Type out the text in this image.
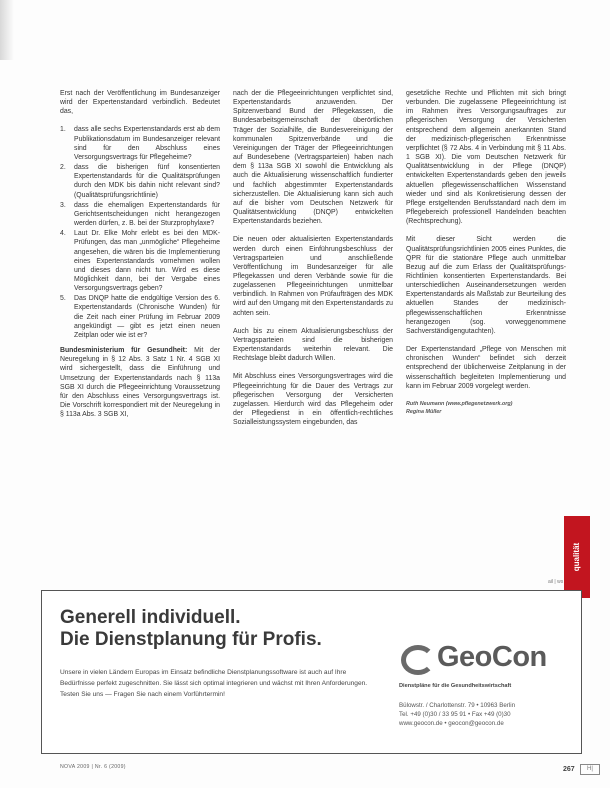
Erst nach der Veröffentlichung im Bundesanzeiger wird der Expertenstandard verbindlich. Bedeutet das,

1. dass alle sechs Expertenstandards erst ab dem Publikationsdatum im Bundesanzeiger relevant sind für den Abschluss eines Versorgungsvertrags für Pflegeheime?
2. dass die bisherigen fünf konsentierten Expertenstandards für die Qualitätsprüfungen durch den MDK bis dahin nicht relevant sind? (Qualitätsprüfungsrichtlinie)
3. dass die ehemaligen Expertenstandards für Gerichtsentscheidungen nicht herangezogen werden dürfen, z. B. bei der Sturzprophylaxe?
4. Laut Dr. Elke Mohr erlebt es bei den MDK-Prüfungen, das man „unmögliche“ Pflegeheime angesehen, die wären bis die Implementierung eines Expertenstandards vornehmen wollen und dieses dann nicht tun. Wird es diese Möglichkeit dann, bei der Vergabe eines Versorgungsvertrags geben?
5. Das DNQP hatte die endgültige Version des 6. Expertenstandards (Chronische Wunden) für die Zeit nach einer Prüfung im Februar 2009 angekündigt — gibt es jetzt einen neuen Zeitplan oder wie ist er?

Bundesministerium für Gesundheit: Mit der Neuregelung in § 12 Abs. 3 Satz 1 Nr. 4 SGB XI wird sichergestellt, dass die Einführung und Umsetzung der Expertenstandards nach § 113a SGB XI durch die Pflegeeinrichtung Voraussetzung für den Abschluss eines Versorgungsvertrags ist. Die Vorschrift korrespondiert mit der Neuregelung in § 113a Abs. 3 SGB XI,

nach der die Pflegeeinrichtungen verpflichtet sind, Expertenstandards anzuwenden. Der Spitzenverband Bund der Pflegekassen, die Bundesarbeitsgemeinschaft der überörtlichen Träger der Sozialhilfe, die Bundesvereinigung der kommunalen Spitzenverbände und die Vereinigungen der Träger der Pflegeeinrichtungen auf Bundesebene (Vertragsparteien) haben nach dem § 113a SGB XI sowohl die Entwicklung als auch die Aktualisierung wissenschaftlich fundierter und fachlich abgestimmter Expertenstandards sicherzustellen. Die Aktualisierung kann sich auch auf die bisher vom Deutschen Netzwerk für Qualitätsentwicklung (DNQP) entwickelten Expertenstandards beziehen.

Die neuen oder aktualisierten Expertenstandards werden durch einen Einführungsbeschluss der Vertragsparteien und anschließende Veröffentlichung im Bundesanzeiger für alle Pflegekassen und deren Verbände sowie für die zugelassenen Pflegeeinrichtungen unmittelbar verbindlich. In Rahmen von Prüfaufträgen des MDK wird auf den Umgang mit den Expertenstandards zu achten sein.

Auch bis zu einem Aktualisierungsbeschluss der Vertragsparteien sind die bisherigen Expertenstandards weiterhin relevant. Die Rechtslage bleibt dadurch Willen.

Mit Abschluss eines Versorgungsvertrages wird die Pflegeeinrichtung für die Dauer des Vertrags zur pflegerischen Versorgung der Versicherten zugelassen. Hierdurch wird das Pflegeheim oder der Pflegedienst in ein öffentlich-rechtliches Sozialleistungssystem eingebunden, das

gesetzliche Rechte und Pflichten mit sich bringt verbunden. Die zugelassene Pflegeeinrichtung ist im Rahmen ihres Versorgungsauftrages zur pflegerischen Versorgung der Versicherten entsprechend dem allgemein anerkannten Stand der medizinisch-pflegerischen Erkenntnisse verpflichtet (§ 72 Abs. 4 in Verbindung mit § 11 Abs. 1 SGB XI). Die vom Deutschen Netzwerk für Qualitätsentwicklung in der Pflege (DNQP) entwickelten Expertenstandards geben den jeweils aktuellen pflegewissenschaftlichen Wissenstand wieder und sind als Konkretisierung dessen der Pflege erstgeltenden Berufsstandard nach dem im Pflegebereich professionell Handelnden beachten (Rechtsprechung).

Mit dieser Sicht werden die Qualitätsprüfungsrichtlinien 2005 eines Punktes, die QPR für die stationäre Pflege auch unmittelbar Bezug auf die zum Erlass der Qualitätsprüfungs-Richtlinien konsentierten Expertenstandards. Bei unterschiedlichen Auseinandersetzungen werden Expertenstandards als Maßstab zur Beurteilung des aktuellen Standes der medizinisch-pflegewissenschaftlichen Erkenntnisse herangezogen (sog. vorweggenommene Sachverständigengutachten).

Der Expertenstandard „Pflege von Menschen mit chronischen Wunden“ befindet sich derzeit entsprechend der üblicherweise Zeitplanung in der wissenschaftlich begleiteten Implementierung und kann im Februar 2009 vorgelegt werden.

Ruth Neumann (www.pflegenetzwerk.org)
Regina Müller
ail | ws
qualität
Generell individuell.
Die Dienstplanung für Profis.

Unsere in vielen Ländern Europas im Einsatz befindliche Dienstplanungssoftware ist auch auf Ihre Bedürfnisse perfekt zugeschnitten. Sie lässt sich optimal integrieren und wächst mit Ihren Anforderungen. Testen Sie uns — Fragen Sie nach einem Vorführtermin!

GeoCon
Dienstpläne für die Gesundheitswirtschaft
Bülowstr. / Charlottenstr. 79 • 10963 Berlin
Tel. +49 (0)30 / 33 95 91 • Fax +49 (0)30
www.geocon.de • geocon@geocon.de
NOVA 2009 | Nr. 6 (2009)	267	H|
